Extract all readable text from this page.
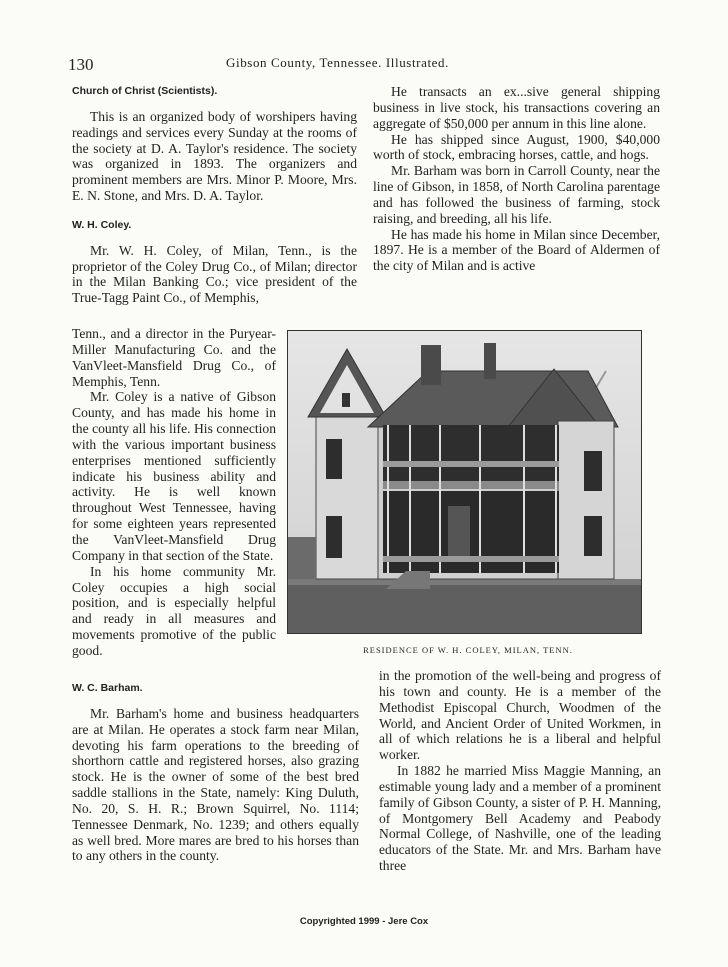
130	Gibson County, Tennessee. Illustrated.

Church of Christ (Scientists).

This is an organized body of worshipers having readings and services every Sunday at the rooms of the society at D. A. Taylor's residence. The society was organized in 1893. The organizers and prominent members are Mrs. Minor P. Moore, Mrs. E. N. Stone, and Mrs. D. A. Taylor.

W. H. Coley.

Mr. W. H. Coley, of Milan, Tenn., is the proprietor of the Coley Drug Co., of Milan; director in the Milan Banking Co.; vice president of the True-Tagg Paint Co., of Memphis,

Tenn., and a director in the Puryear-Miller Manufacturing Co. and the VanVleet-Mansfield Drug Co., of Memphis, Tenn.

Mr. Coley is a native of Gibson County, and has made his home in the county all his life. His connection with the various important business enterprises mentioned sufficiently indicate his business ability and activity. He is well known throughout West Tennessee, having for some eighteen years represented the VanVleet-Mansfield Drug Company in that section of the State.

In his home community Mr. Coley occupies a high social position, and is especially helpful and ready in all measures and movements promotive of the public good.

W. C. Barham.

Mr. Barham's home and business headquarters are at Milan. He operates a stock farm near Milan, devoting his farm operations to the breeding of shorthorn cattle and registered horses, also grazing stock. He is the owner of some of the best bred saddle stallions in the State, namely: King Duluth, No. 20, S. H. R.; Brown Squirrel, No. 1114; Tennessee Denmark, No. 1239; and others equally as well bred. More mares are bred to his horses than to any others in the county.

He transacts an ex...sive general shipping business in live stock, his transactions covering an aggregate of $50,000 per annum in this line alone.

He has shipped since August, 1900, $40,000 worth of stock, embracing horses, cattle, and hogs.

Mr. Barham was born in Carroll County, near the line of Gibson, in 1858, of North Carolina parentage and has followed the business of farming, stock raising, and breeding, all his life.

He has made his home in Milan since December, 1897. He is a member of the Board of Aldermen of the city of Milan and is active

RESIDENCE OF W. H. COLEY, MILAN, TENN.

in the promotion of the well-being and progress of his town and county. He is a member of the Methodist Episcopal Church, Woodmen of the World, and Ancient Order of United Workmen, in all of which relations he is a liberal and helpful worker.

In 1882 he married Miss Maggie Manning, an estimable young lady and a member of a prominent family of Gibson County, a sister of P. H. Manning, of Montgomery Bell Academy and Peabody Normal College, of Nashville, one of the leading educators of the State. Mr. and Mrs. Barham have three

Copyrighted 1999 - Jere Cox
